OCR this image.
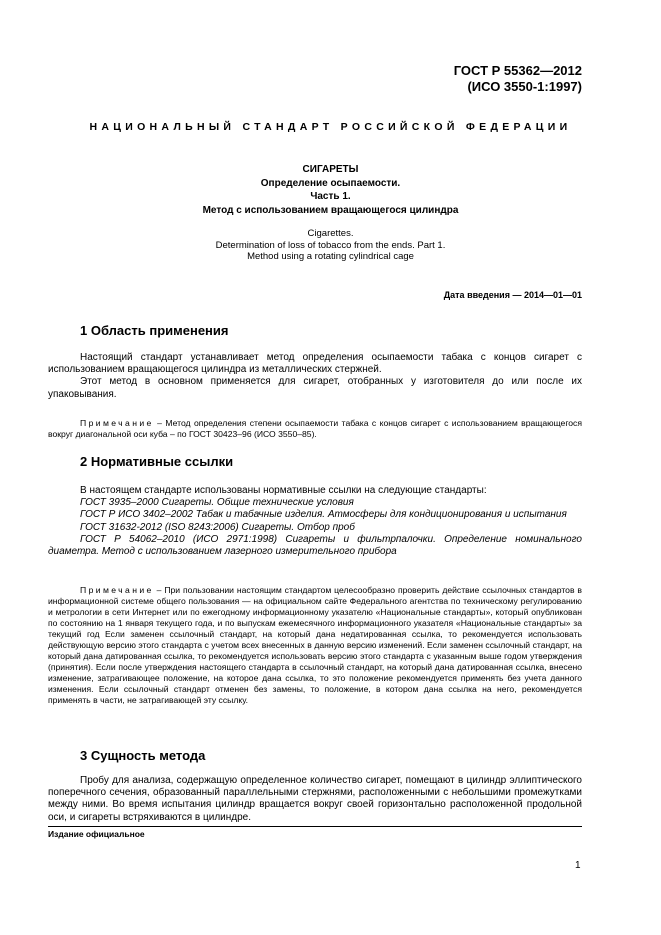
ГОСТ Р 55362—2012
(ИСО 3550-1:1997)
НАЦИОНАЛЬНЫЙ СТАНДАРТ РОССИЙСКОЙ ФЕДЕРАЦИИ
СИГАРЕТЫ
Определение осыпаемости.
Часть 1.
Метод с использованием вращающегося цилиндра
Cigarettes.
Determination of loss of tobacco from the ends. Part 1.
Method using a rotating cylindrical cage
Дата введения — 2014—01—01
1 Область применения

Настоящий стандарт устанавливает метод определения осыпаемости табака с концов сигарет с использованием вращающегося цилиндра из металлических стержней.

Этот метод в основном применяется для сигарет, отобранных у изготовителя до или после их упаковывания.

Примечание – Метод определения степени осыпаемости табака с концов сигарет с использованием вращающегося вокруг диагональной оси куба – по ГОСТ 30423–96 (ИСО 3550–85).

2 Нормативные ссылки

В настоящем стандарте использованы нормативные ссылки на следующие стандарты:

ГОСТ 3935–2000 Сигареты. Общие технические условия

ГОСТ Р ИСО 3402–2002 Табак и табачные изделия. Атмосферы для кондиционирования и испытания

ГОСТ 31632-2012 (ISO 8243:2006) Сигареты. Отбор проб

ГОСТ Р 54062–2010 (ИСО 2971:1998) Сигареты и фильтрпалочки. Определение номинального диаметра. Метод с использованием лазерного измерительного прибора

Примечание – При пользовании настоящим стандартом целесообразно проверить действие ссылочных стандартов в информационной системе общего пользования — на официальном сайте Федерального агентства по техническому регулированию и метрологии в сети Интернет или по ежегодному информационному указателю «Национальные стандарты», который опубликован по состоянию на 1 января текущего года, и по выпускам ежемесячного информационного указателя «Национальные стандарты» за текущий год Если заменен ссылочный стандарт, на который дана недатированная ссылка, то рекомендуется использовать действующую версию этого стандарта с учетом всех внесенных в данную версию изменений. Если заменен ссылочный стандарт, на который дана датированная ссылка, то рекомендуется использовать версию этого стандарта с указанным выше годом утверждения (принятия). Если после утверждения настоящего стандарта в ссылочный стандарт, на который дана датированная ссылка, внесено изменение, затрагивающее положение, на которое дана ссылка, то это положение рекомендуется применять без учета данного изменения. Если ссылочный стандарт отменен без замены, то положение, в котором дана ссылка на него, рекомендуется применять в части, не затрагивающей эту ссылку.

3 Сущность метода

Пробу для анализа, содержащую определенное количество сигарет, помещают в цилиндр эллиптического поперечного сечения, образованный параллельными стержнями, расположенными с небольшими промежутками между ними. Во время испытания цилиндр вращается вокруг своей горизонтально расположенной продольной оси, и сигареты встряхиваются в цилиндре.

Издание официальное
1
